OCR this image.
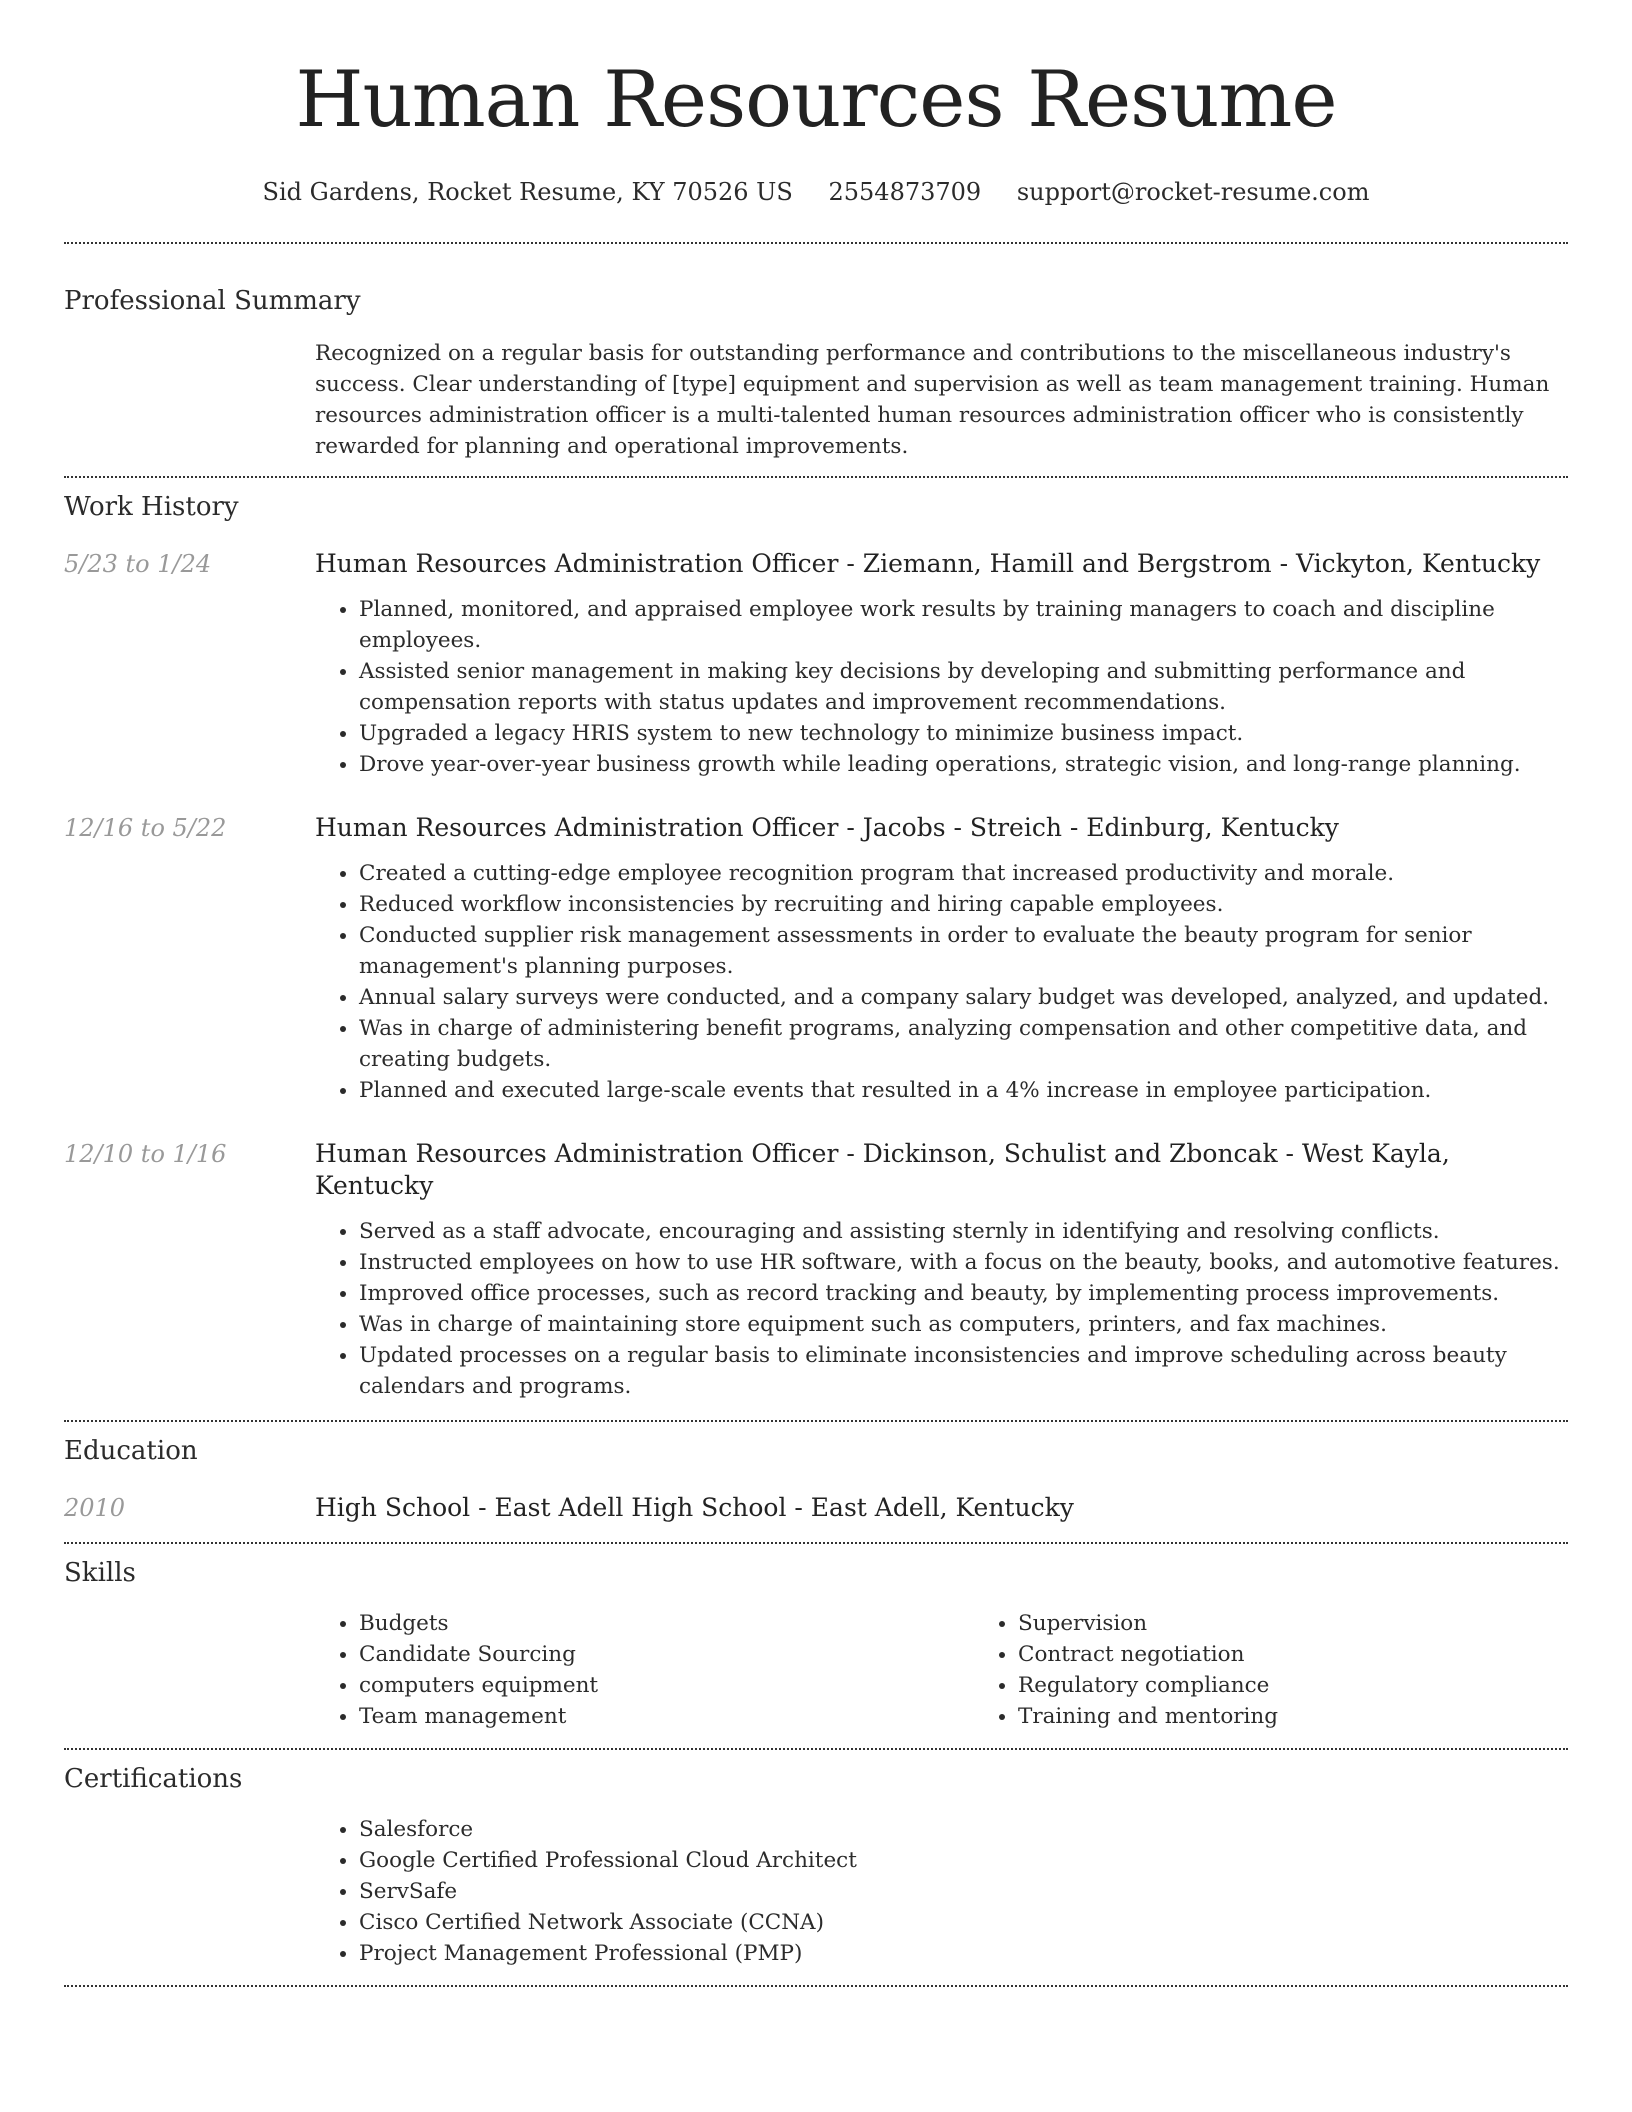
Human Resources Resume
Sid Gardens, Rocket Resume, KY 70526 US 2554873709 support@rocket-resume.com
Professional Summary

Recognized on a regular basis for outstanding performance and contributions to the miscellaneous industry's success. Clear understanding of [type] equipment and supervision as well as team management training. Human resources administration officer is a multi-talented human resources administration officer who is consistently rewarded for planning and operational improvements.

Work History
5/23 to 1/24	Human Resources Administration Officer - Ziemann, Hamill and Bergstrom - Vickyton, Kentucky
• Planned, monitored, and appraised employee work results by training managers to coach and discipline employees.
• Assisted senior management in making key decisions by developing and submitting performance and compensation reports with status updates and improvement recommendations.
• Upgraded a legacy HRIS system to new technology to minimize business impact.
• Drove year-over-year business growth while leading operations, strategic vision, and long-range planning.
12/16 to 5/22	Human Resources Administration Officer - Jacobs - Streich - Edinburg, Kentucky
• Created a cutting-edge employee recognition program that increased productivity and morale.
• Reduced workflow inconsistencies by recruiting and hiring capable employees.
• Conducted supplier risk management assessments in order to evaluate the beauty program for senior management's planning purposes.
• Annual salary surveys were conducted, and a company salary budget was developed, analyzed, and updated.
• Was in charge of administering benefit programs, analyzing compensation and other competitive data, and creating budgets.
• Planned and executed large-scale events that resulted in a 4% increase in employee participation.
12/10 to 1/16	Human Resources Administration Officer - Dickinson, Schulist and Zboncak - West Kayla, Kentucky
• Served as a staff advocate, encouraging and assisting sternly in identifying and resolving conflicts.
• Instructed employees on how to use HR software, with a focus on the beauty, books, and automotive features.
• Improved office processes, such as record tracking and beauty, by implementing process improvements.
• Was in charge of maintaining store equipment such as computers, printers, and fax machines.
• Updated processes on a regular basis to eliminate inconsistencies and improve scheduling across beauty calendars and programs.
Education
2010	High School - East Adell High School - East Adell, Kentucky
Skills
• Budgets
• Candidate Sourcing
• computers equipment
• Team management
• Supervision
• Contract negotiation
• Regulatory compliance
• Training and mentoring
Certifications
• Salesforce
• Google Certified Professional Cloud Architect
• ServSafe
• Cisco Certified Network Associate (CCNA)
• Project Management Professional (PMP)
